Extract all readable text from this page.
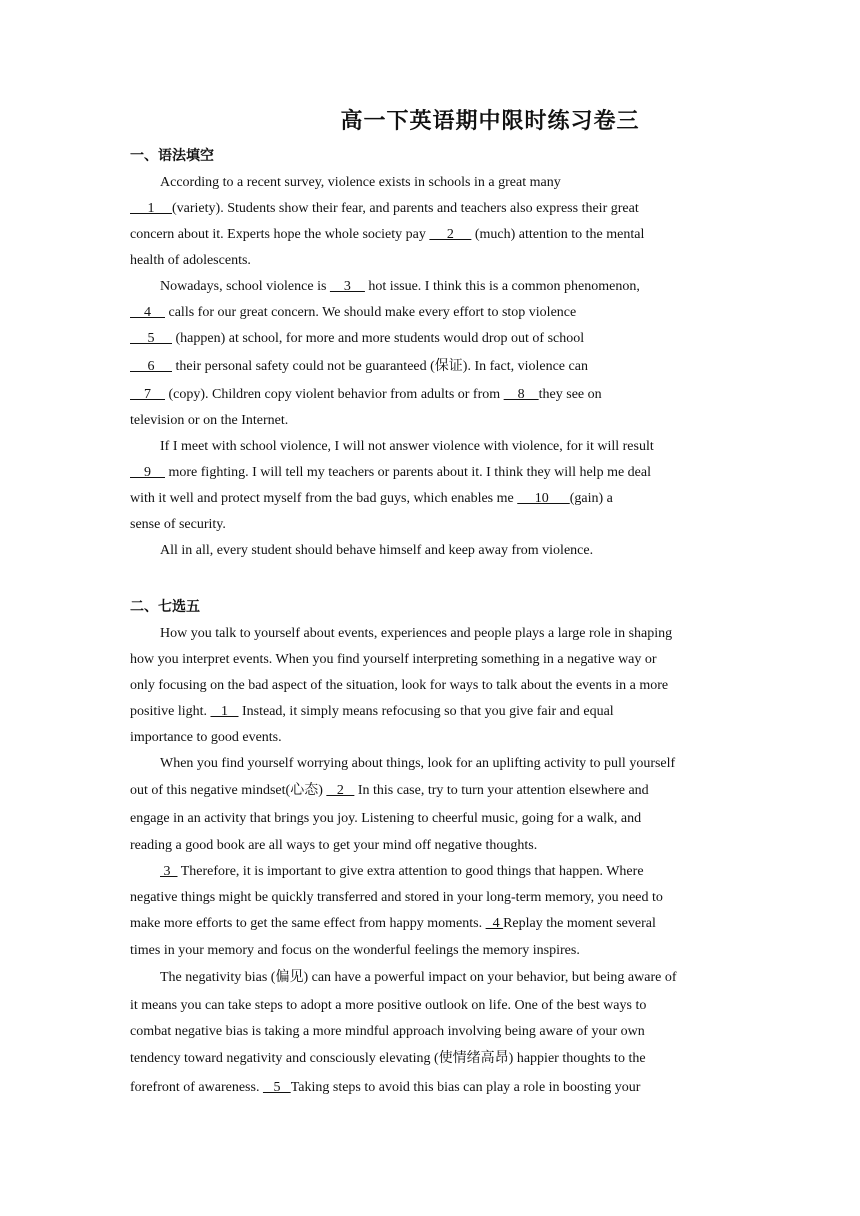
高一下英语期中限时练习卷三
一、语法填空
According to a recent survey, violence exists in schools in a great many
1     (variety). Students show their fear, and parents and teachers also express their great
concern about it. Experts hope the whole society pay      2      (much) attention to the mental
health of adolescents.
Nowadays, school violence is     3     hot issue. I think this is a common phenomenon,
4     calls for our great concern. We should make every effort to stop violence
5      (happen) at school, for more and more students would drop out of school
6      their personal safety could not be guaranteed (保证). In fact, violence can
7     (copy). Children copy violent behavior from adults or from     8    they see on
television or on the Internet.
If I meet with school violence, I will not answer violence with violence, for it will result
9     more fighting. I will tell my teachers or parents about it. I think they will help me deal
with it well and protect myself from the bad guys, which enables me      10      (gain) a
sense of security.
All in all, every student should behave himself and keep away from violence.
How you talk to yourself about events, experiences and people plays a large role in shaping
how you interpret events. When you find yourself interpreting something in a negative way or
only focusing on the bad aspect of the situation, look for ways to talk about the events in a more
positive light.    1    Instead, it simply means refocusing so that you give fair and equal
importance to good events.
When you find yourself worrying about things, look for an uplifting activity to pull yourself
out of this negative mindset(心态)    2    In this case, try to turn your attention elsewhere and
engage in an activity that brings you joy. Listening to cheerful music, going for a walk, and
reading a good book are all ways to get your mind off negative thoughts.
3   Therefore, it is important to give extra attention to good things that happen. Where
negative things might be quickly transferred and stored in your long-term memory, you need to
make more efforts to get the same effect from happy moments.   4 Replay the moment several
times in your memory and focus on the wonderful feelings the memory inspires.
The negativity bias (偏见) can have a powerful impact on your behavior, but being aware of
it means you can take steps to adopt a more positive outlook on life. One of the best ways to
combat negative bias is taking a more mindful approach involving being aware of your own
tendency toward negativity and consciously elevating (使情绪高昂) happier thoughts to the
forefront of awareness.    5   Taking steps to avoid this bias can play a role in boosting your
二、七选五
